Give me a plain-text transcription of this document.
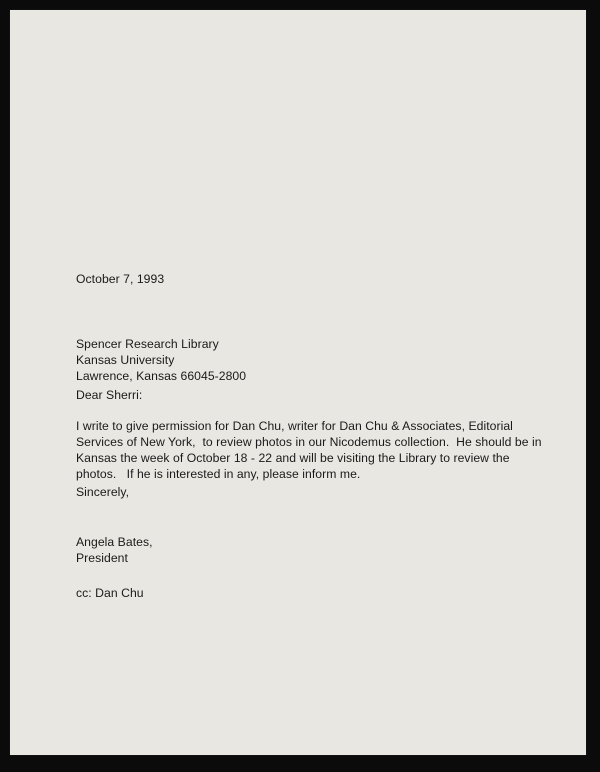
October 7, 1993
Spencer Research Library
Kansas University
Lawrence, Kansas 66045-2800
Dear Sherri:
I write to give permission for Dan Chu, writer for Dan Chu & Associates, Editorial
Services of New York,  to review photos in our Nicodemus collection.  He should be in
Kansas the week of October 18 - 22 and will be visiting the Library to review the
photos.   If he is interested in any, please inform me.
Sincerely,
Angela Bates,
President
cc: Dan Chu
